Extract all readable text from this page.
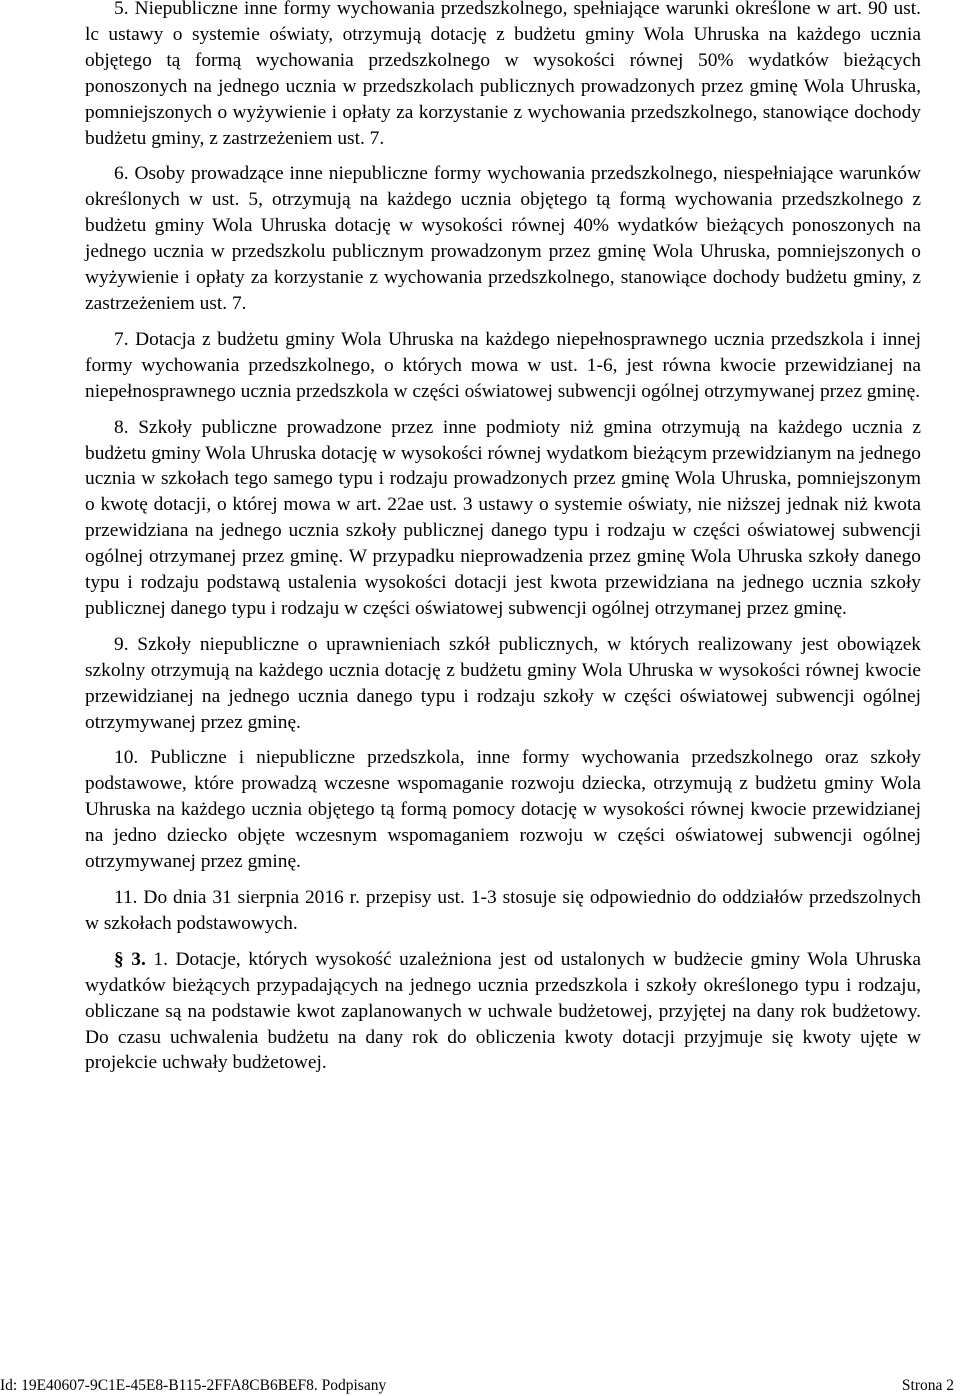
5. Niepubliczne inne formy wychowania przedszkolnego, spełniające warunki określone w art. 90 ust. lc ustawy o systemie oświaty, otrzymują dotację z budżetu gminy Wola Uhruska na każdego ucznia objętego tą formą wychowania przedszkolnego w wysokości równej 50% wydatków bieżących ponoszonych na jednego ucznia w przedszkolach publicznych prowadzonych przez gminę Wola Uhruska, pomniejszonych o wyżywienie i opłaty za korzystanie z wychowania przedszkolnego, stanowiące dochody budżetu gminy, z zastrzeżeniem ust. 7.

6. Osoby prowadzące inne niepubliczne formy wychowania przedszkolnego, niespełniające warunków określonych w ust. 5, otrzymują na każdego ucznia objętego tą formą wychowania przedszkolnego z budżetu gminy Wola Uhruska dotację w wysokości równej 40% wydatków bieżących ponoszonych na jednego ucznia w przedszkolu publicznym prowadzonym przez gminę Wola Uhruska, pomniejszonych o wyżywienie i opłaty za korzystanie z wychowania przedszkolnego, stanowiące dochody budżetu gminy, z zastrzeżeniem ust. 7.

7. Dotacja z budżetu gminy Wola Uhruska na każdego niepełnosprawnego ucznia przedszkola i innej formy wychowania przedszkolnego, o których mowa w ust. 1-6, jest równa kwocie przewidzianej na niepełnosprawnego ucznia przedszkola w części oświatowej subwencji ogólnej otrzymywanej przez gminę.

8. Szkoły publiczne prowadzone przez inne podmioty niż gmina otrzymują na każdego ucznia z budżetu gminy Wola Uhruska dotację w wysokości równej wydatkom bieżącym przewidzianym na jednego ucznia w szkołach tego samego typu i rodzaju prowadzonych przez gminę Wola Uhruska, pomniejszonym o kwotę dotacji, o której mowa w art. 22ae ust. 3 ustawy o systemie oświaty, nie niższej jednak niż kwota przewidziana na jednego ucznia szkoły publicznej danego typu i rodzaju w części oświatowej subwencji ogólnej otrzymanej przez gminę. W przypadku nieprowadzenia przez gminę Wola Uhruska szkoły danego typu i rodzaju podstawą ustalenia wysokości dotacji jest kwota przewidziana na jednego ucznia szkoły publicznej danego typu i rodzaju w części oświatowej subwencji ogólnej otrzymanej przez gminę.

9. Szkoły niepubliczne o uprawnieniach szkół publicznych, w których realizowany jest obowiązek szkolny otrzymują na każdego ucznia dotację z budżetu gminy Wola Uhruska w wysokości równej kwocie przewidzianej na jednego ucznia danego typu i rodzaju szkoły w części oświatowej subwencji ogólnej otrzymywanej przez gminę.

10. Publiczne i niepubliczne przedszkola, inne formy wychowania przedszkolnego oraz szkoły podstawowe, które prowadzą wczesne wspomaganie rozwoju dziecka, otrzymują z budżetu gminy Wola Uhruska na każdego ucznia objętego tą formą pomocy dotację w wysokości równej kwocie przewidzianej na jedno dziecko objęte wczesnym wspomaganiem rozwoju w części oświatowej subwencji ogólnej otrzymywanej przez gminę.

11. Do dnia 31 sierpnia 2016 r. przepisy ust. 1-3 stosuje się odpowiednio do oddziałów przedszolnych w szkołach podstawowych.

§ 3. 1. Dotacje, których wysokość uzależniona jest od ustalonych w budżecie gminy Wola Uhruska wydatków bieżących przypadających na jednego ucznia przedszkola i szkoły określonego typu i rodzaju, obliczane są na podstawie kwot zaplanowanych w uchwale budżetowej, przyjętej na dany rok budżetowy. Do czasu uchwalenia budżetu na dany rok do obliczenia kwoty dotacji przyjmuje się kwoty ujęte w projekcie uchwały budżetowej.

Id: 19E40607-9C1E-45E8-B115-2FFA8CB6BEF8. Podpisany	Strona 2
